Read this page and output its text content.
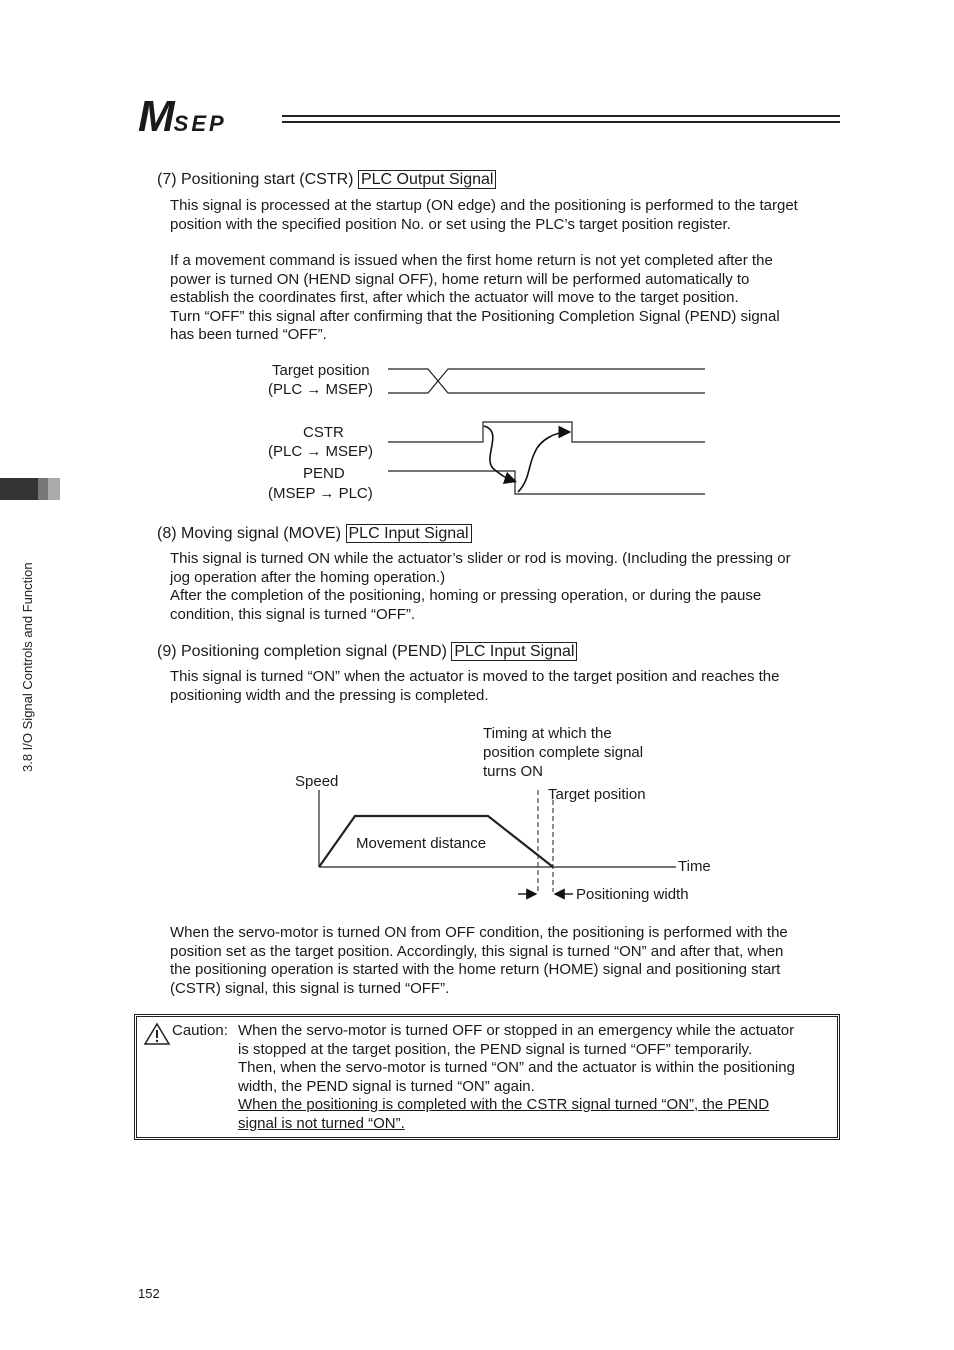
MSEP
3.8 I/O Signal Controls and Function
(7) Positioning start (CSTR) PLC Output Signal
This signal is processed at the startup (ON edge) and the positioning is performed to the target position with the specified position No. or set using the PLC’s target position register.
If a movement command is issued when the first home return is not yet completed after the
power is turned ON (HEND signal OFF), home return will be performed automatically to
establish the coordinates first, after which the actuator will move to the target position.
Turn “OFF” this signal after confirming that the Positioning Completion Signal (PEND) signal
has been turned “OFF”.
Target position
(PLC → MSEP)
CSTR
(PLC → MSEP)
PEND
(MSEP → PLC)
(8) Moving signal (MOVE) PLC Input Signal
This signal is turned ON while the actuator’s slider or rod is moving. (Including the pressing or
jog operation after the homing operation.)
After the completion of the positioning, homing or pressing operation, or during the pause
condition, this signal is turned “OFF”.
(9) Positioning completion signal (PEND) PLC Input Signal
This signal is turned “ON” when the actuator is moved to the target position and reaches the
positioning width and the pressing is completed.
Timing at which the
position complete signal
turns ON
Speed
Target position
Movement distance
Time
Positioning width
When the servo-motor is turned ON from OFF condition, the positioning is performed with the
position set as the target position. Accordingly, this signal is turned “ON” and after that, when
the positioning operation is started with the home return (HOME) signal and positioning start
(CSTR) signal, this signal is turned “OFF”.
Caution: When the servo-motor is turned OFF or stopped in an emergency while the actuator
is stopped at the target position, the PEND signal is turned “OFF” temporarily.
Then, when the servo-motor is turned “ON” and the actuator is within the positioning
width, the PEND signal is turned “ON” again.
When the positioning is completed with the CSTR signal turned “ON”, the PEND
signal is not turned “ON”.
152
